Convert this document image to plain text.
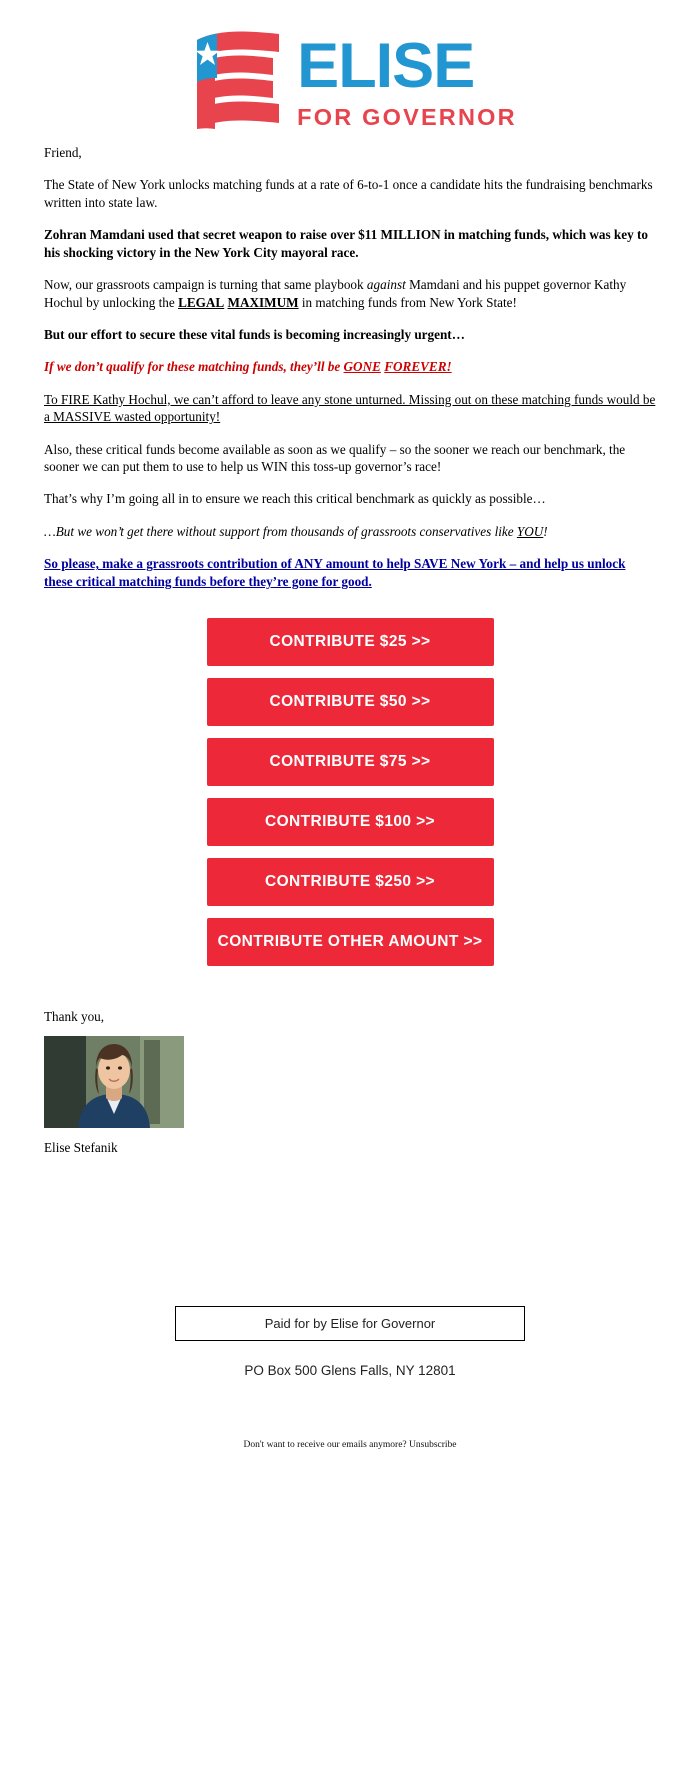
ELISE
FOR GOVERNOR

Friend,

The State of New York unlocks matching funds at a rate of 6-to-1 once a candidate hits the fundraising benchmarks written into state law.

Zohran Mamdani used that secret weapon to raise over $11 MILLION in matching funds, which was key to his shocking victory in the New York City mayoral race.

Now, our grassroots campaign is turning that same playbook against Mamdani and his puppet governor Kathy Hochul by unlocking the LEGAL MAXIMUM in matching funds from New York State!

But our effort to secure these vital funds is becoming increasingly urgent…

If we don’t qualify for these matching funds, they’ll be GONE FOREVER!

To FIRE Kathy Hochul, we can’t afford to leave any stone unturned. Missing out on these matching funds would be a MASSIVE wasted opportunity!

Also, these critical funds become available as soon as we qualify – so the sooner we reach our benchmark, the sooner we can put them to use to help us WIN this toss-up governor’s race!

That’s why I’m going all in to ensure we reach this critical benchmark as quickly as possible…

…But we won’t get there without support from thousands of grassroots conservatives like YOU!

So please, make a grassroots contribution of ANY amount to help SAVE New York – and help us unlock these critical matching funds before they’re gone for good.

CONTRIBUTE $25 >>
CONTRIBUTE $50 >>
CONTRIBUTE $75 >>
CONTRIBUTE $100 >>
CONTRIBUTE $250 >>
CONTRIBUTE OTHER AMOUNT >>

Thank you,

Elise Stefanik

Paid for by Elise for Governor
PO Box 500 Glens Falls, NY 12801
Don't want to receive our emails anymore? Unsubscribe
